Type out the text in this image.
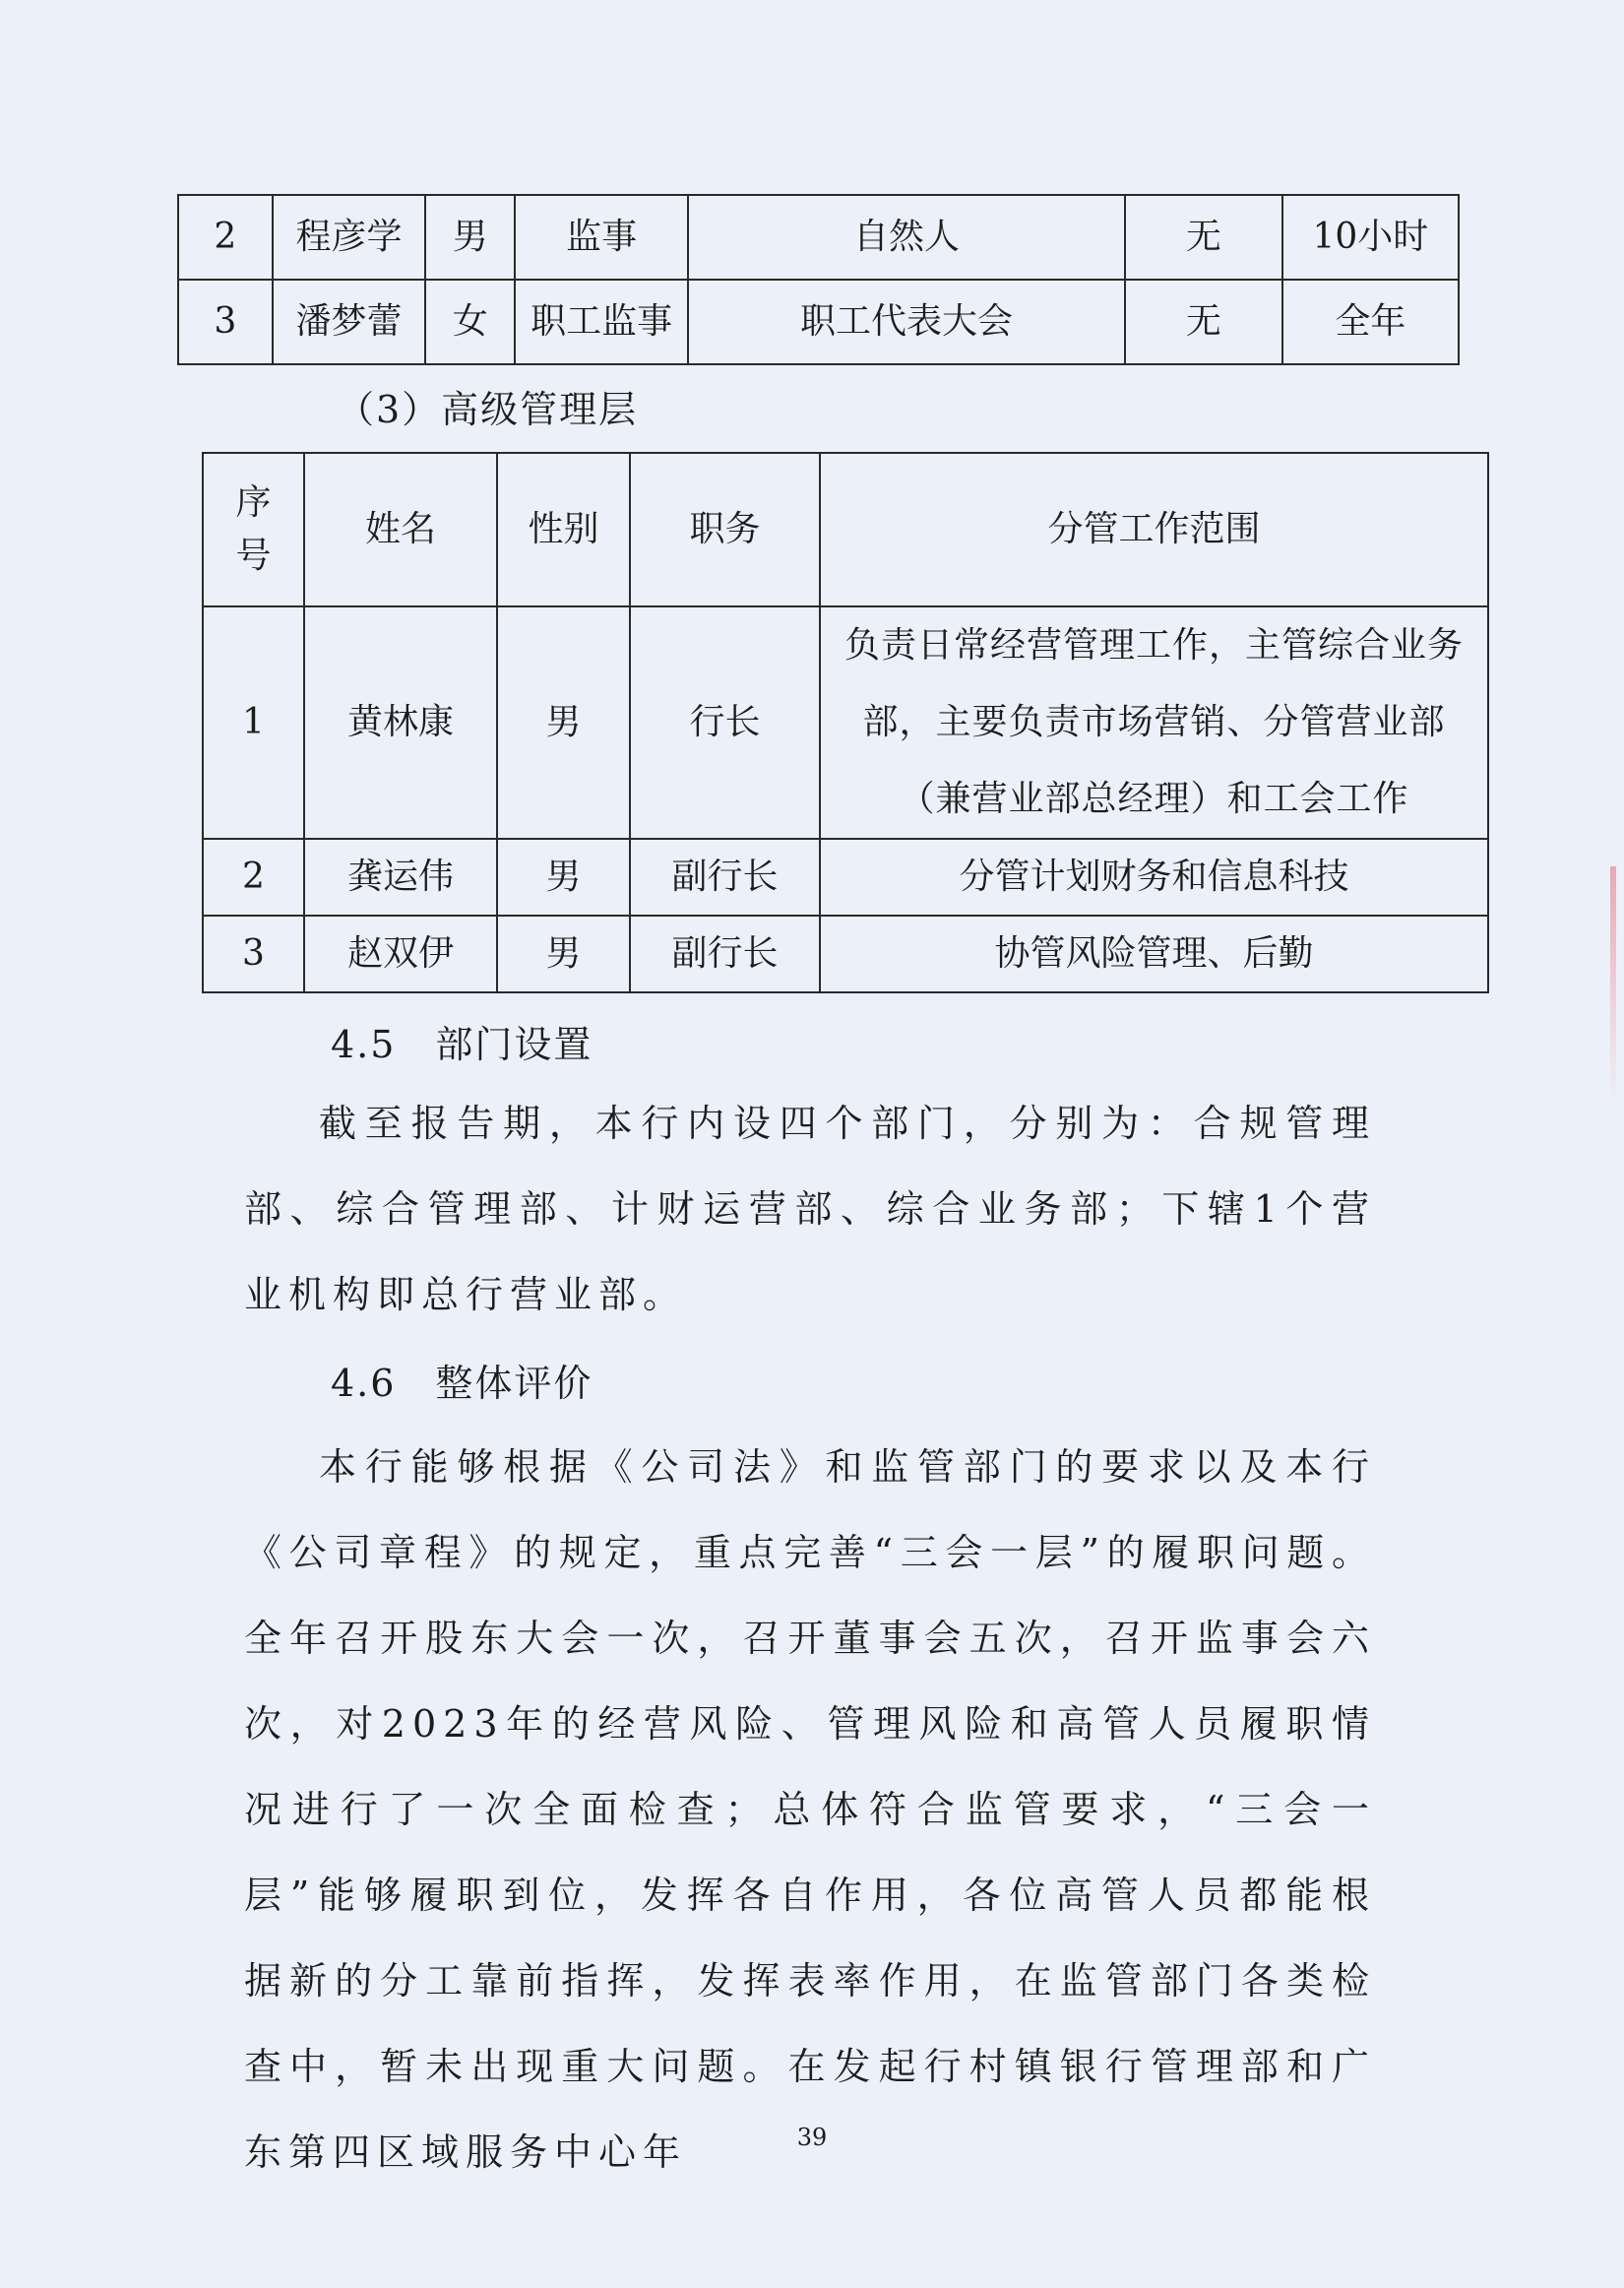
2	程彦学	男	监事	自然人	无	10小时
3	潘梦蕾	女	职工监事	职工代表大会	无	全年

（3）高级管理层

序号	姓名	性别	职务	分管工作范围
1	黄林康	男	行长	负责日常经营管理工作，主管综合业务部，主要负责市场营销、分管营业部（兼营业部总经理）和工会工作
2	龚运伟	男	副行长	分管计划财务和信息科技
3	赵双伊	男	副行长	协管风险管理、后勤

4.5　部门设置

截至报告期，本行内设四个部门，分别为：合规管理部、综合管理部、计财运营部、综合业务部；下辖1个营业机构即总行营业部。

4.6　整体评价

本行能够根据《公司法》和监管部门的要求以及本行《公司章程》的规定，重点完善“三会一层”的履职问题。全年召开股东大会一次，召开董事会五次，召开监事会六次，对2023年的经营风险、管理风险和高管人员履职情况进行了一次全面检查；总体符合监管要求，“三会一层”能够履职到位，发挥各自作用，各位高管人员都能根据新的分工靠前指挥，发挥表率作用，在监管部门各类检查中，暂未出现重大问题。在发起行村镇银行管理部和广东第四区域服务中心年	39
